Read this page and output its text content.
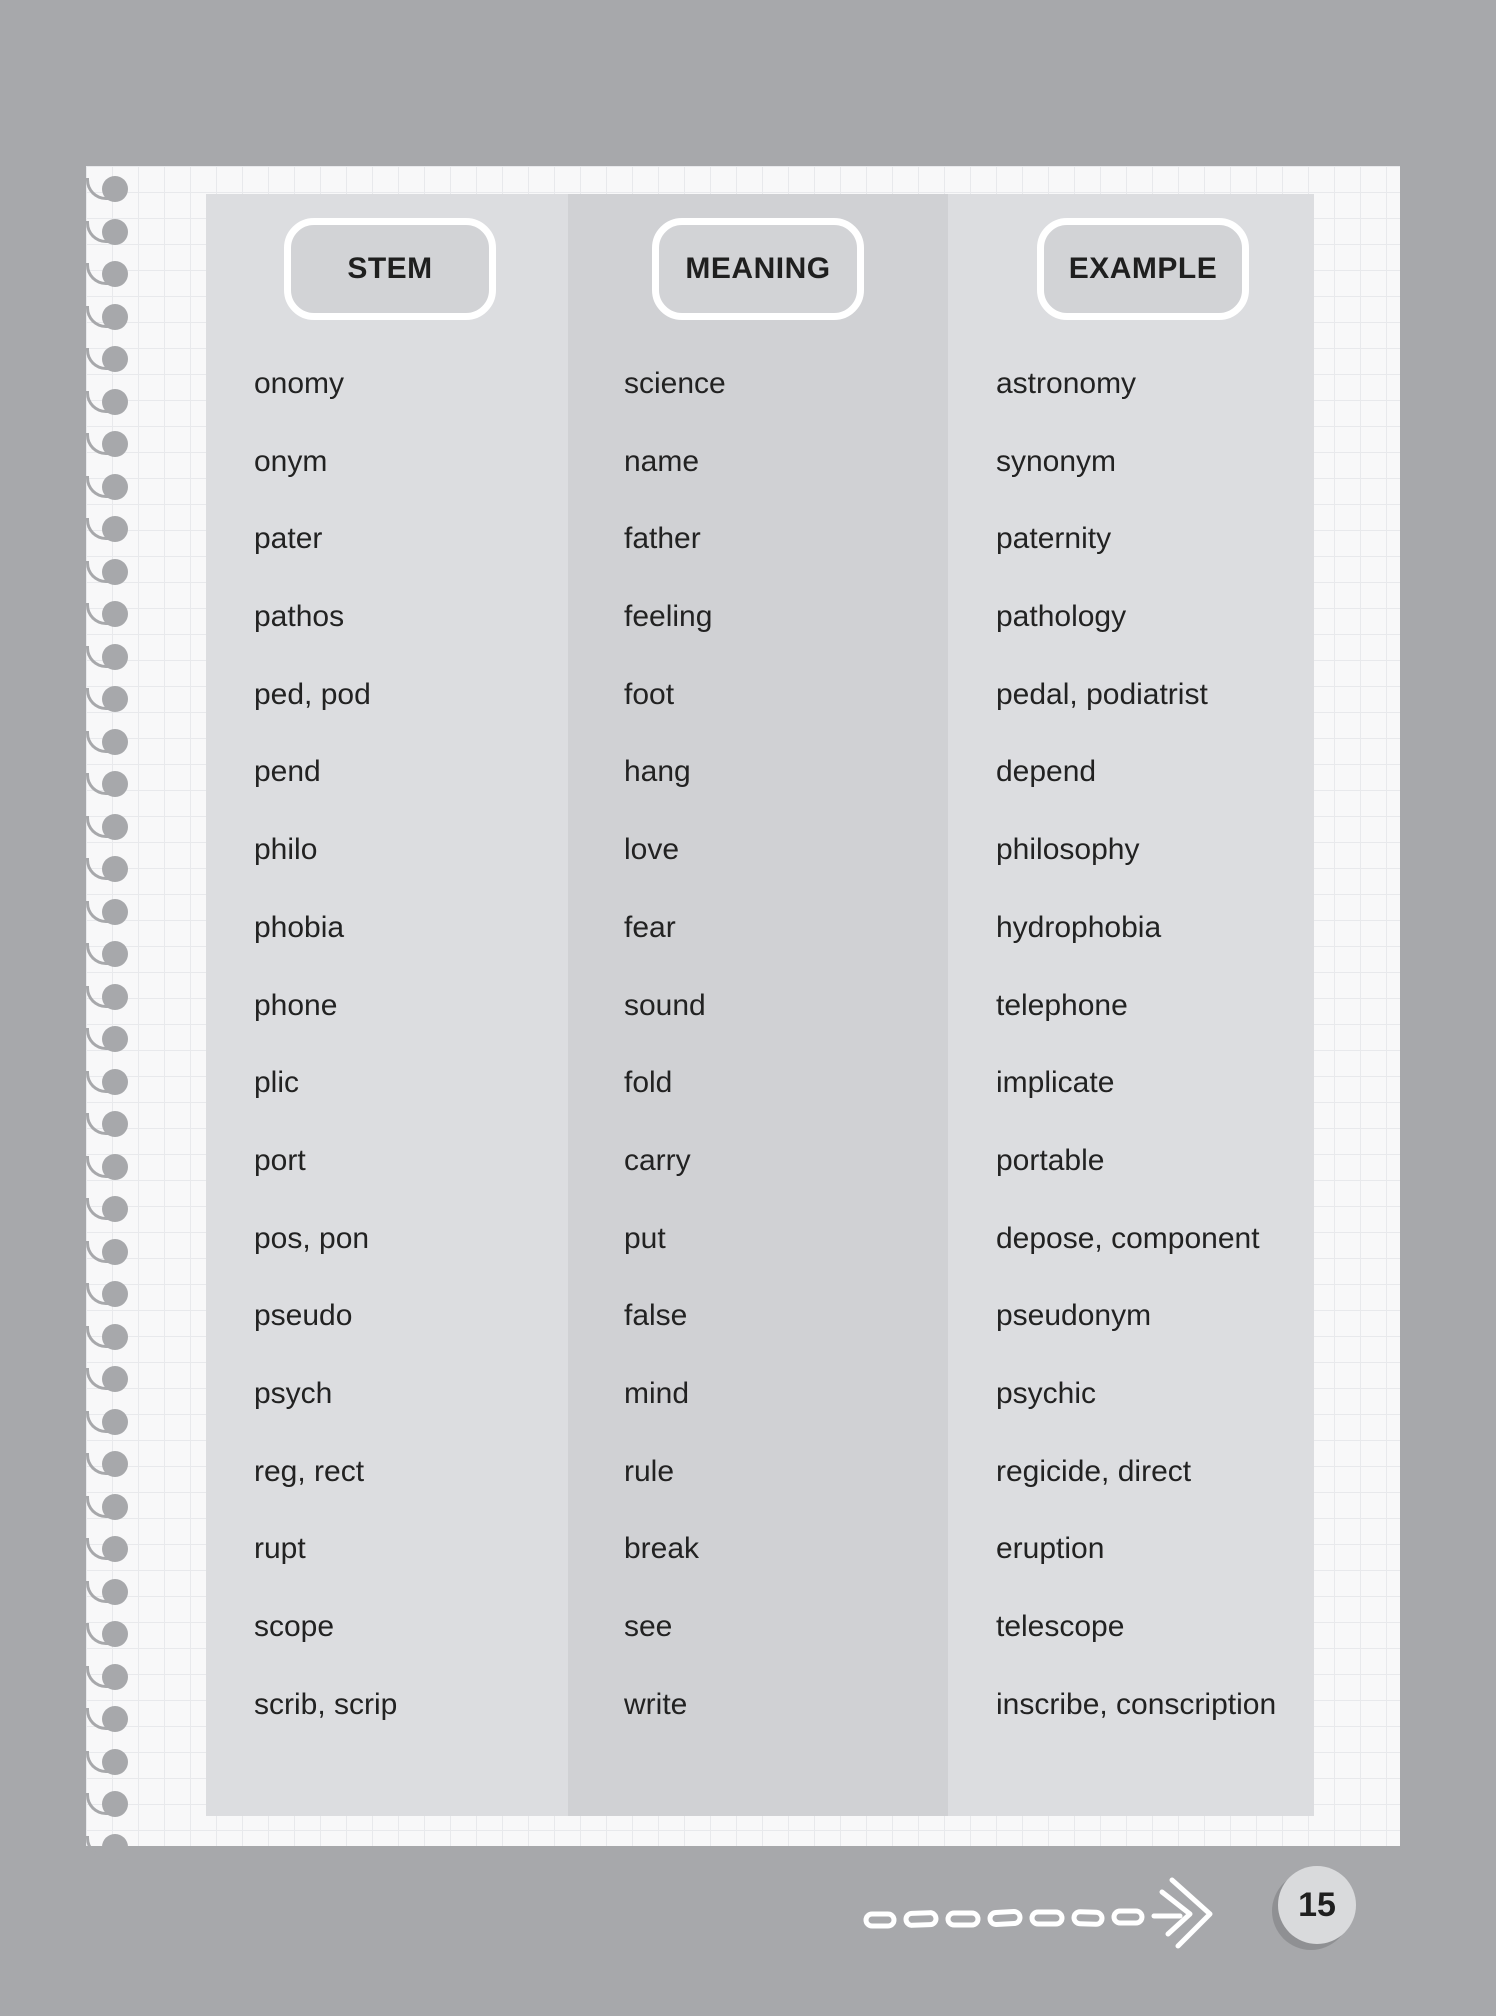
STEM
onomy
onym
pater
pathos
ped, pod
pend
philo
phobia
phone
plic
port
pos, pon
pseudo
psych
reg, rect
rupt
scope
scrib, scrip
MEANING
science
name
father
feeling
foot
hang
love
fear
sound
fold
carry
put
false
mind
rule
break
see
write
EXAMPLE
astronomy
synonym
paternity
pathology
pedal, podiatrist
depend
philosophy
hydrophobia
telephone
implicate
portable
depose, component
pseudonym
psychic
regicide, direct
eruption
telescope
inscribe, conscription
15
